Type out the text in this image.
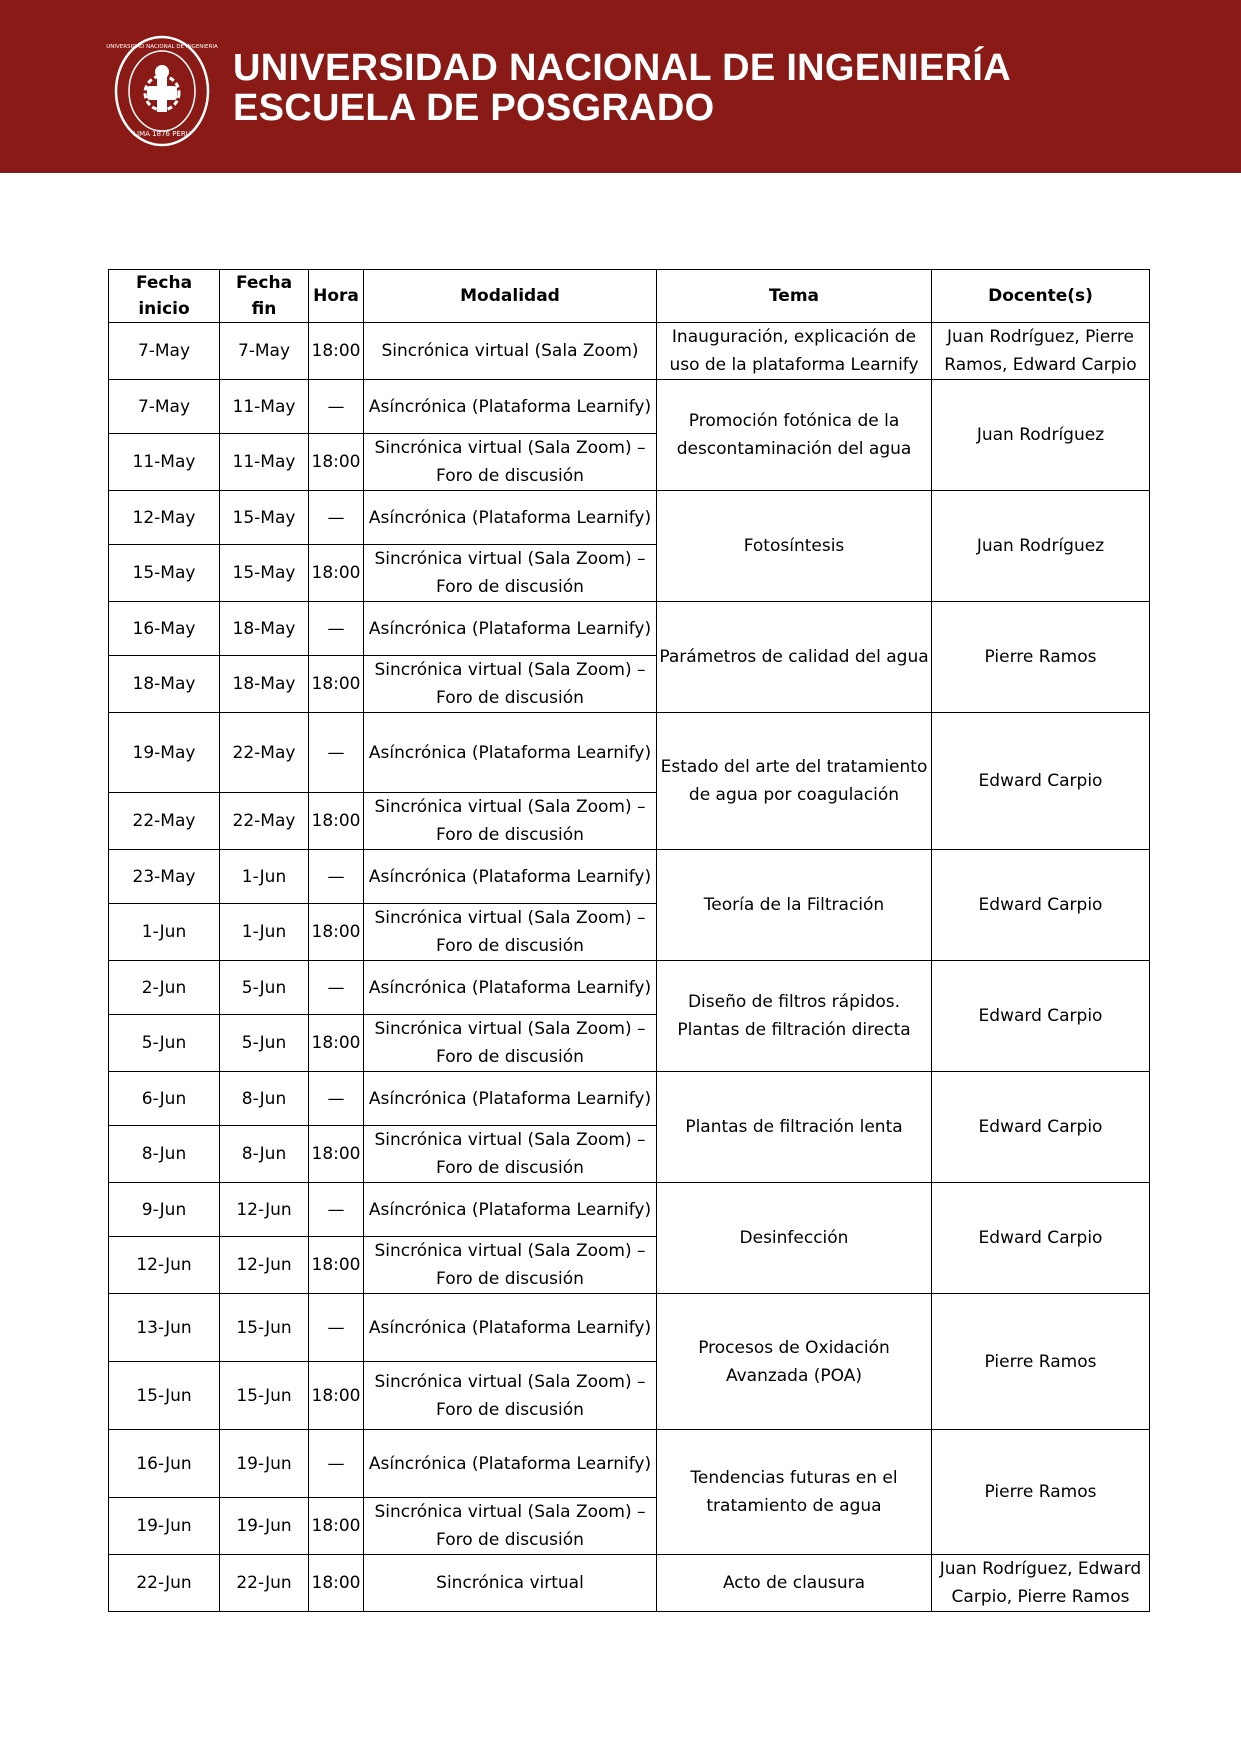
LIMA 1876 PERU
UNIVERSIDAD NACIONAL DE INGENIERIA UNIVERSIDAD NACIONAL DE INGENIERÍA
ESCUELA DE POSGRADO
Fecha inicio	Fecha fin	Hora	Modalidad	Tema	Docente(s)
7-May	7-May	18:00	Sincrónica virtual (Sala Zoom)	Inauguración, explicación de uso de la plataforma Learnify	Juan Rodríguez, Pierre Ramos, Edward Carpio
7-May	11-May	—	Asíncrónica (Plataforma Learnify)	Promoción fotónica de la descontaminación del agua	Juan Rodríguez
11-May	11-May	18:00	Sincrónica virtual (Sala Zoom) – Foro de discusión		
12-May	15-May	—	Asíncrónica (Plataforma Learnify)	Fotosíntesis	Juan Rodríguez
15-May	15-May	18:00	Sincrónica virtual (Sala Zoom) – Foro de discusión		
16-May	18-May	—	Asíncrónica (Plataforma Learnify)	Parámetros de calidad del agua	Pierre Ramos
18-May	18-May	18:00	Sincrónica virtual (Sala Zoom) – Foro de discusión		
19-May	22-May	—	Asíncrónica (Plataforma Learnify)	Estado del arte del tratamiento de agua por coagulación	Edward Carpio
22-May	22-May	18:00	Sincrónica virtual (Sala Zoom) – Foro de discusión		
23-May	1-Jun	—	Asíncrónica (Plataforma Learnify)	Teoría de la Filtración	Edward Carpio
1-Jun	1-Jun	18:00	Sincrónica virtual (Sala Zoom) – Foro de discusión		
2-Jun	5-Jun	—	Asíncrónica (Plataforma Learnify)	Diseño de filtros rápidos. Plantas de filtración directa	Edward Carpio
5-Jun	5-Jun	18:00	Sincrónica virtual (Sala Zoom) – Foro de discusión		
6-Jun	8-Jun	—	Asíncrónica (Plataforma Learnify)	Plantas de filtración lenta	Edward Carpio
8-Jun	8-Jun	18:00	Sincrónica virtual (Sala Zoom) – Foro de discusión		
9-Jun	12-Jun	—	Asíncrónica (Plataforma Learnify)	Desinfección	Edward Carpio
12-Jun	12-Jun	18:00	Sincrónica virtual (Sala Zoom) – Foro de discusión		
13-Jun	15-Jun	—	Asíncrónica (Plataforma Learnify)	Procesos de Oxidación Avanzada (POA)	Pierre Ramos
15-Jun	15-Jun	18:00	Sincrónica virtual (Sala Zoom) – Foro de discusión		
16-Jun	19-Jun	—	Asíncrónica (Plataforma Learnify)	Tendencias futuras en el tratamiento de agua	Pierre Ramos
19-Jun	19-Jun	18:00	Sincrónica virtual (Sala Zoom) – Foro de discusión		
22-Jun	22-Jun	18:00	Sincrónica virtual	Acto de clausura	Juan Rodríguez, Edward Carpio, Pierre Ramos
